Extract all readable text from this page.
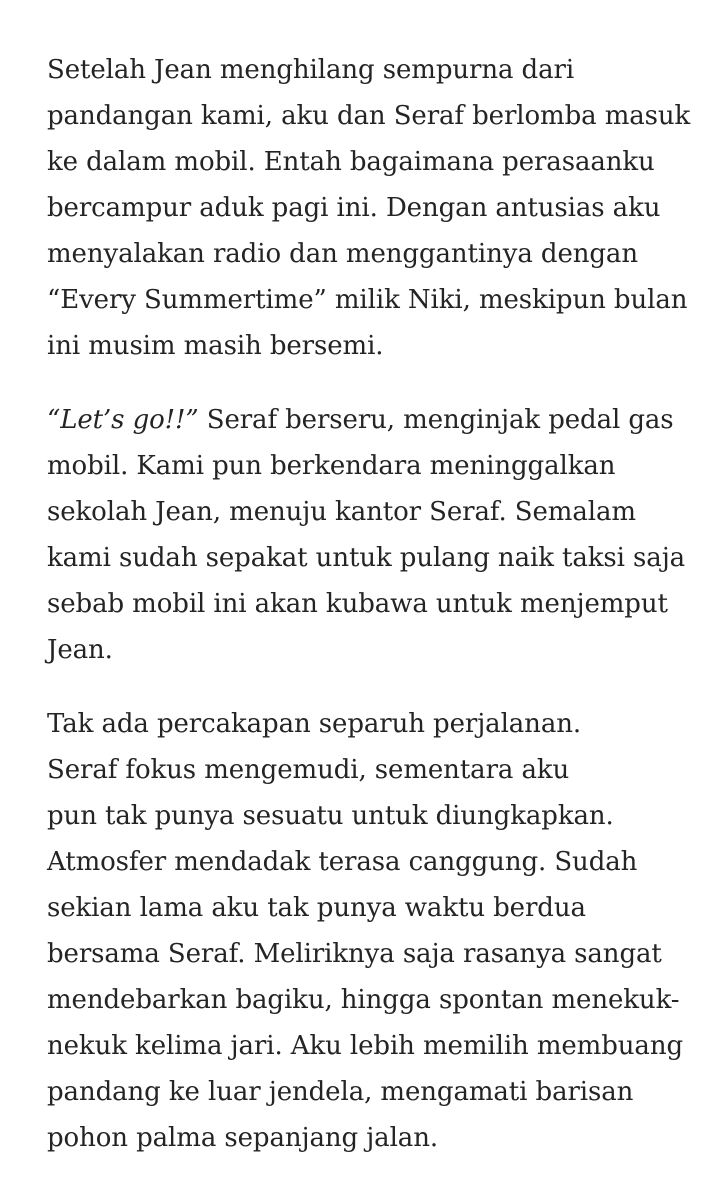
Setelah Jean menghilang sempurna dari
pandangan kami, aku dan Seraf berlomba masuk
ke dalam mobil. Entah bagaimana perasaanku
bercampur aduk pagi ini. Dengan antusias aku
menyalakan radio dan menggantinya dengan
“Every Summertime” milik Niki, meskipun bulan
ini musim masih bersemi.

“Let’s go!!” Seraf berseru, menginjak pedal gas
mobil. Kami pun berkendara meninggalkan
sekolah Jean, menuju kantor Seraf. Semalam
kami sudah sepakat untuk pulang naik taksi saja
sebab mobil ini akan kubawa untuk menjemput
Jean.

Tak ada percakapan separuh perjalanan.
Seraf fokus mengemudi, sementara aku
pun tak punya sesuatu untuk diungkapkan.
Atmosfer mendadak terasa canggung. Sudah
sekian lama aku tak punya waktu berdua
bersama Seraf. Meliriknya saja rasanya sangat
mendebarkan bagiku, hingga spontan menekuk-
nekuk kelima jari. Aku lebih memilih membuang
pandang ke luar jendela, mengamati barisan
pohon palma sepanjang jalan.
